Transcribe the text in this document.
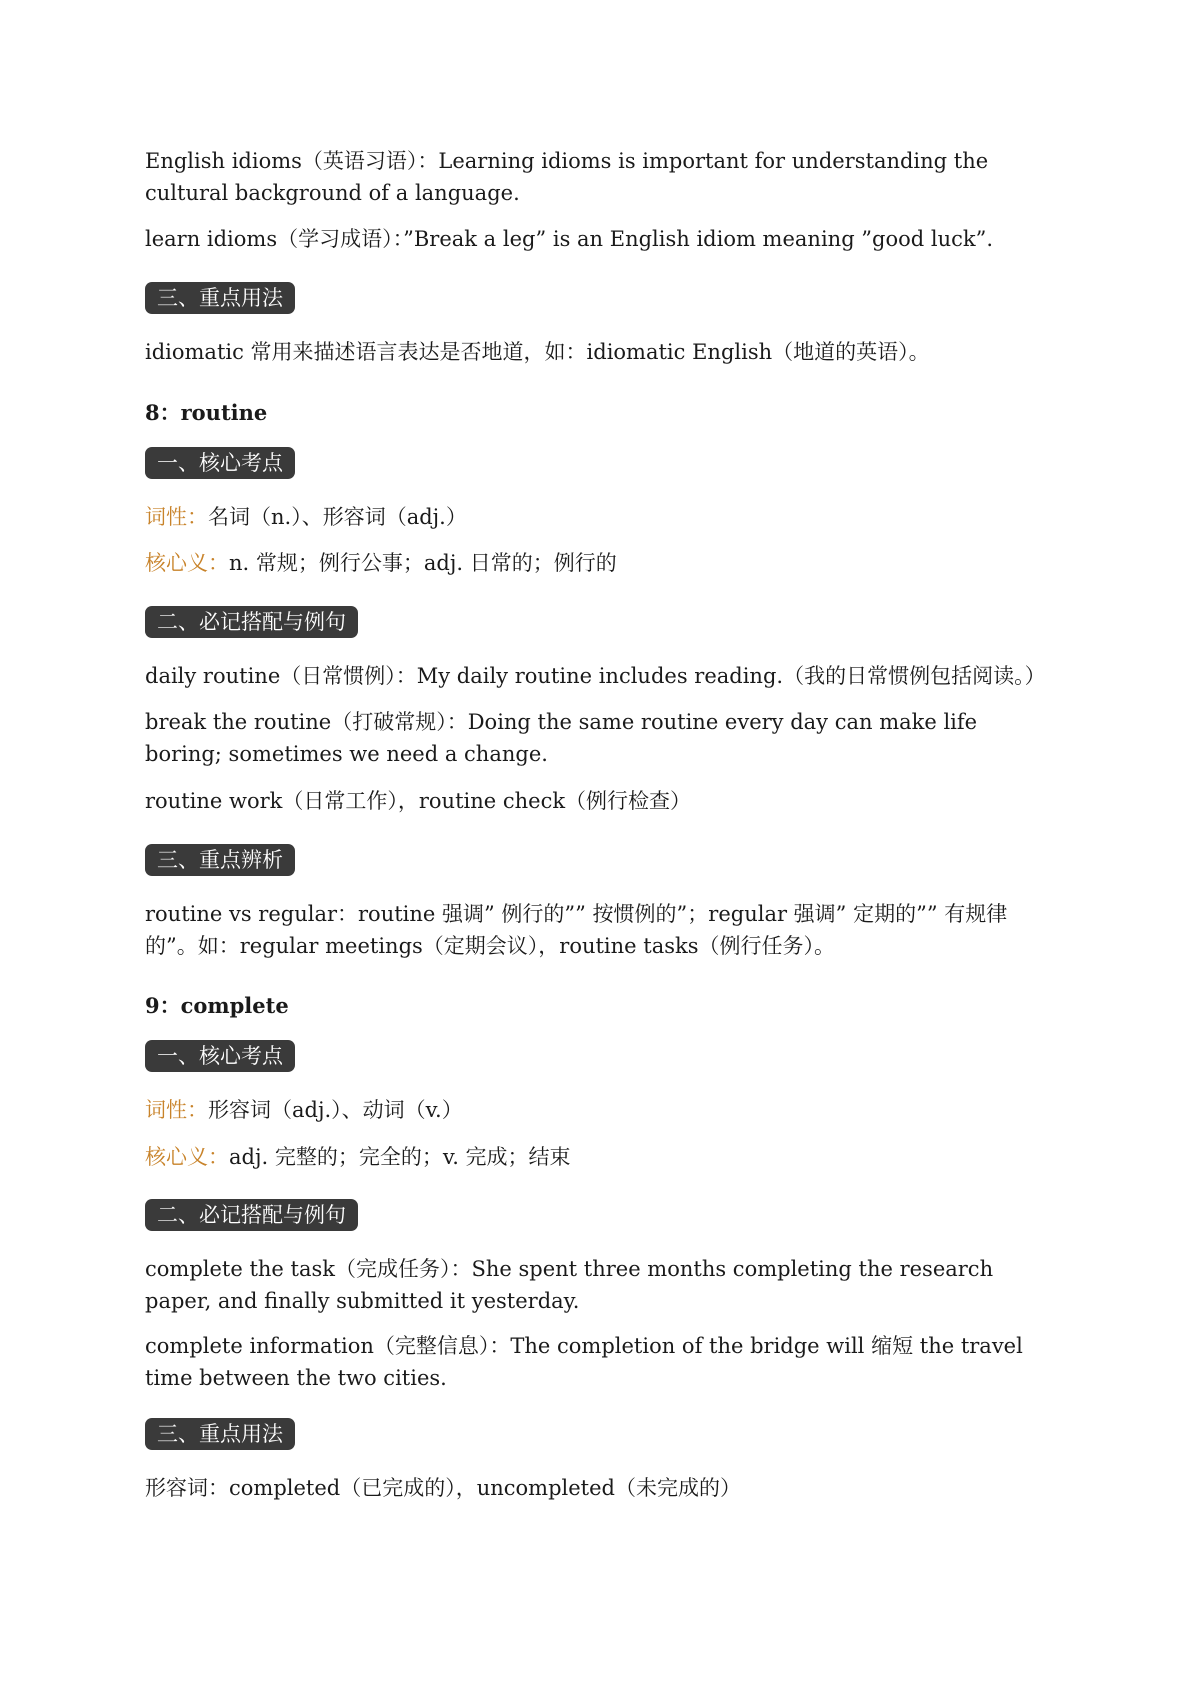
English idioms（英语习语）：Learning idioms is important for understanding the cultural background of a language.

learn idioms（学习成语）：”Break a leg” is an English idiom meaning ”good luck”.

三、重点用法

idiomatic 常用来描述语言表达是否地道，如：idiomatic English（地道的英语）。

8：routine

一、核心考点

词性：名词（n.）、形容词（adj.）

核心义：n. 常规；例行公事；adj. 日常的；例行的

二、必记搭配与例句

daily routine（日常惯例）：My daily routine includes reading.（我的日常惯例包括阅读。）

break the routine（打破常规）：Doing the same routine every day can make life boring; sometimes we need a change.

routine work（日常工作），routine check（例行检查）

三、重点辨析

routine vs regular：routine 强调” 例行的”” 按惯例的”；regular 强调” 定期的”” 有规律的”。如：regular meetings（定期会议），routine tasks（例行任务）。

9：complete

一、核心考点

词性：形容词（adj.）、动词（v.）

核心义：adj. 完整的；完全的；v. 完成；结束

二、必记搭配与例句

complete the task（完成任务）：She spent three months completing the research paper, and finally submitted it yesterday.

complete information（完整信息）：The completion of the bridge will 缩短 the travel time between the two cities.

三、重点用法

形容词：completed（已完成的），uncompleted（未完成的）
